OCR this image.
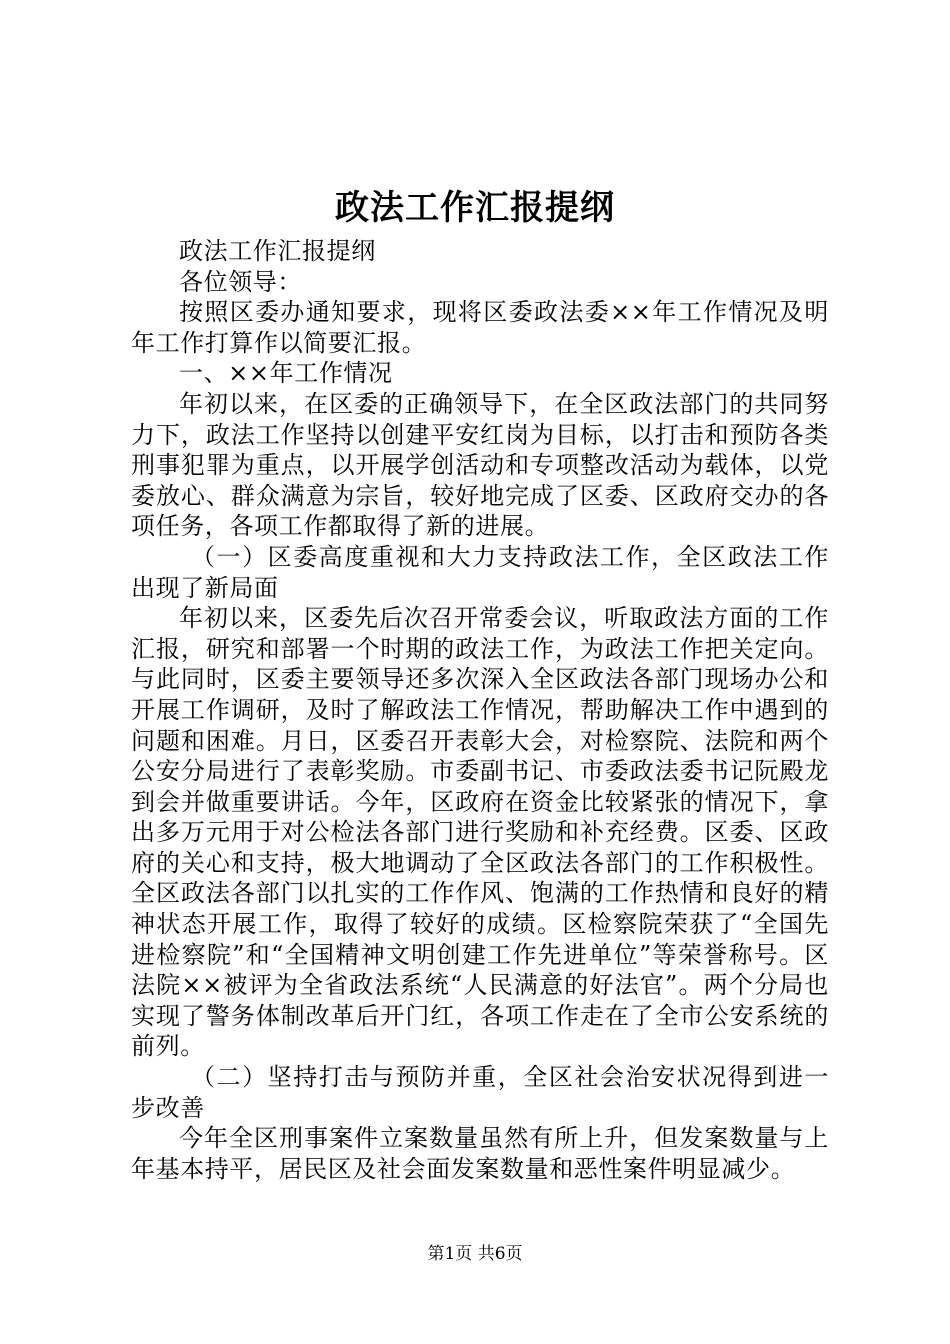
政法工作汇报提纲

政法工作汇报提纲

各位领导：

按照区委办通知要求，现将区委政法委××年工作情况及明年工作打算作以简要汇报。

一、××年工作情况

年初以来，在区委的正确领导下，在全区政法部门的共同努力下，政法工作坚持以创建平安红岗为目标，以打击和预防各类刑事犯罪为重点，以开展学创活动和专项整改活动为载体，以党委放心、群众满意为宗旨，较好地完成了区委、区政府交办的各项任务，各项工作都取得了新的进展。

（一）区委高度重视和大力支持政法工作，全区政法工作出现了新局面

年初以来，区委先后次召开常委会议，听取政法方面的工作汇报，研究和部署一个时期的政法工作，为政法工作把关定向。与此同时，区委主要领导还多次深入全区政法各部门现场办公和开展工作调研，及时了解政法工作情况，帮助解决工作中遇到的问题和困难。月日，区委召开表彰大会，对检察院、法院和两个公安分局进行了表彰奖励。市委副书记、市委政法委书记阮殿龙到会并做重要讲话。今年，区政府在资金比较紧张的情况下，拿出多万元用于对公检法各部门进行奖励和补充经费。区委、区政府的关心和支持，极大地调动了全区政法各部门的工作积极性。全区政法各部门以扎实的工作作风、饱满的工作热情和良好的精神状态开展工作，取得了较好的成绩。区检察院荣获了“全国先进检察院”和“全国精神文明创建工作先进单位”等荣誉称号。区法院××被评为全省政法系统“人民满意的好法官”。两个分局也实现了警务体制改革后开门红，各项工作走在了全市公安系统的前列。

（二）坚持打击与预防并重，全区社会治安状况得到进一步改善

今年全区刑事案件立案数量虽然有所上升，但发案数量与上年基本持平，居民区及社会面发案数量和恶性案件明显减少。

第1页 共6页
